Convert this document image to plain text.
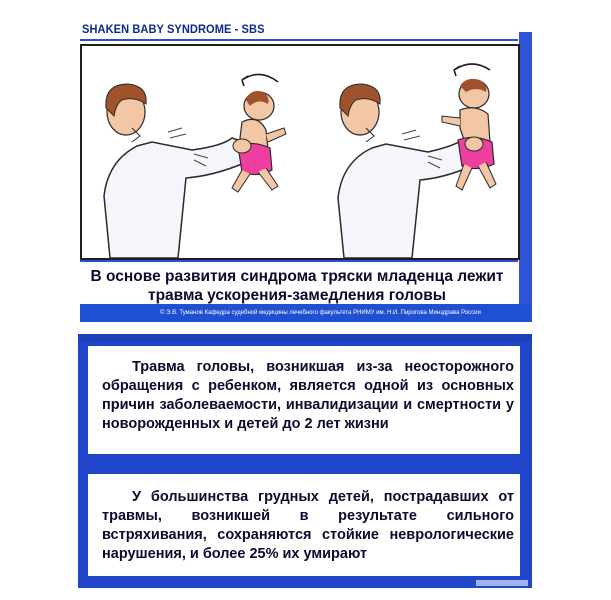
SHAKEN BABY SYNDROME - SBS
В основе развития синдрома тряски младенца лежит
травма ускорения-замедления головы
© Э.В. Туманов Кафедра судебной медицины лечебного факультета РНИМУ им. Н.И. Пирогова Минздрава России

Травма головы, возникшая из-за неосторожного обращения с ребенком, является одной из основных причин заболеваемости, инвалидизации и смертности у новорожденных и детей до 2 лет жизни

У большинства грудных детей, пострадавших от травмы, возникшей в результате сильного встряхивания, сохраняются стойкие неврологические нарушения, и более 25% их умирают
